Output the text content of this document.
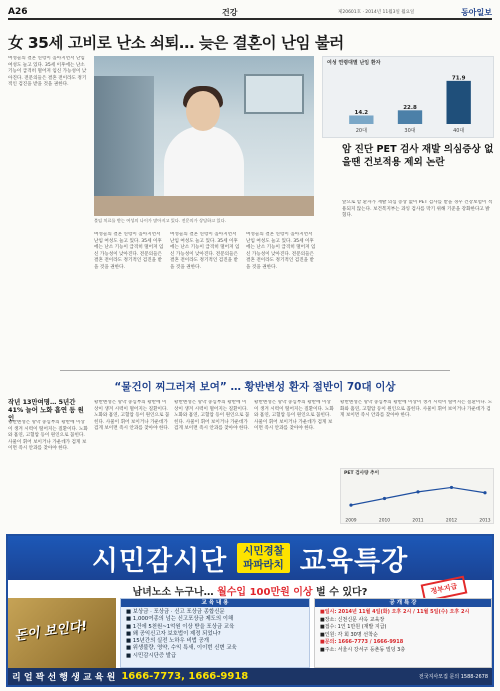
A26	건강	제20601호 · 2014년 11월3일 월요일	동아일보
女 35세 고비로 난소 쇠퇴… 늦은 결혼이 난임 불러
여성들의 결혼 연령이 높아지면서 난임 여성도 늘고 있다. 35세 이후에는 난소 기능이 급격히 떨어져 임신 가능성이 낮아진다. 전문의들은 결혼 전이라도 정기적인 검진을 받을 것을 권한다.
불임 치료를 받는 여성의 나이가 많아지고 있다. 전문의가 상담하고 있다.
여성들의 결혼 연령이 높아지면서 난임 여성도 늘고 있다. 35세 이후에는 난소 기능이 급격히 떨어져 임신 가능성이 낮아진다. 전문의들은 결혼 전이라도 정기적인 검진을 받을 것을 권한다.
여성들의 결혼 연령이 높아지면서 난임 여성도 늘고 있다. 35세 이후에는 난소 기능이 급격히 떨어져 임신 가능성이 낮아진다. 전문의들은 결혼 전이라도 정기적인 검진을 받을 것을 권한다.
여성들의 결혼 연령이 높아지면서 난임 여성도 늘고 있다. 35세 이후에는 난소 기능이 급격히 떨어져 임신 가능성이 낮아진다. 전문의들은 결혼 전이라도 정기적인 검진을 받을 것을 권한다.
여성 연령대별 난임 환자
14.2
20대
22.8
30대
71.9
40대
암 진단 PET 검사 재발 의심증상 없을땐 건보적용 제외 논란
앞으로 암 환자가 재발 의심 증상 없이 PET 검사를 받을 경우 건강보험이 적용되지 않는다. 보건복지부는 과잉 검사를 막기 위해 기준을 강화한다고 밝혔다.
“물건이 찌그러져 보여” … 황반변성 환자 절반이 70대 이상
작년 13만여명… 5년간 41% 늘어 노화 흡연 등 원인
황반변성은 망막 중심부의 황반에 이상이 생겨 시력이 떨어지는 질환이다. 노화와 흡연, 고혈압 등이 원인으로 꼽힌다. 사물이 휘어 보이거나 가운데가 검게 보이면 즉시 안과를 찾아야 한다.
황반변성은 망막 중심부의 황반에 이상이 생겨 시력이 떨어지는 질환이다. 노화와 흡연, 고혈압 등이 원인으로 꼽힌다. 사물이 휘어 보이거나 가운데가 검게 보이면 즉시 안과를 찾아야 한다.
황반변성은 망막 중심부의 황반에 이상이 생겨 시력이 떨어지는 질환이다. 노화와 흡연, 고혈압 등이 원인으로 꼽힌다. 사물이 휘어 보이거나 가운데가 검게 보이면 즉시 안과를 찾아야 한다.
황반변성은 망막 중심부의 황반에 이상이 생겨 시력이 떨어지는 질환이다. 노화와 흡연, 고혈압 등이 원인으로 꼽힌다. 사물이 휘어 보이거나 가운데가 검게 보이면 즉시 안과를 찾아야 한다.
황반변성은 망막 중심부의 황반에 이상이 생겨 시력이 떨어지는 질환이다. 노화와 흡연, 고혈압 등이 원인으로 꼽힌다. 사물이 휘어 보이거나 가운데가 검게 보이면 즉시 안과를 찾아야 한다.
PET 검사량 추이
2009	2010	2011	2012	2013
시민감시단	시민경찰
파파라치 교육특강
남녀노소 누구나… 월수입 100만원 이상 벌 수 있다?	정부지급
돈이 보인다!
교 육 내 용
■ 보상금 · 포상금 · 신고 포상금 종합신문
■ 1,000여종의 넘는 신고포상금 제도의 이해
■ 1건에 5천원~1억원 이상 받을 포상금 교육
■ 왜 공익신고자 보호법이 제정 되었나?
■ 15년간의 실전 노하우 비법 공개
■ 위생불량, 영약, 수익 특새, 이이번 신변 교육
■ 시민감시단증 발급
공 개 특 강
■일시: 2014년 11월 4일(화) 오후 2시 / 11월 5일(수) 오후 2시
■장소: 신천신문 사옥 교육장
■접수: 1인 1만원 (재발 지급)
■인원: 각 회 30명 선착순
■문의: 1666-7773 / 1666-9918
■주소: 서울시 강서구 등촌동 빌딩 3층
리 얼 꽉 선 행 생 교 육 원 1666-7773, 1666-9918	전국지사모집 문의 1588-2678
